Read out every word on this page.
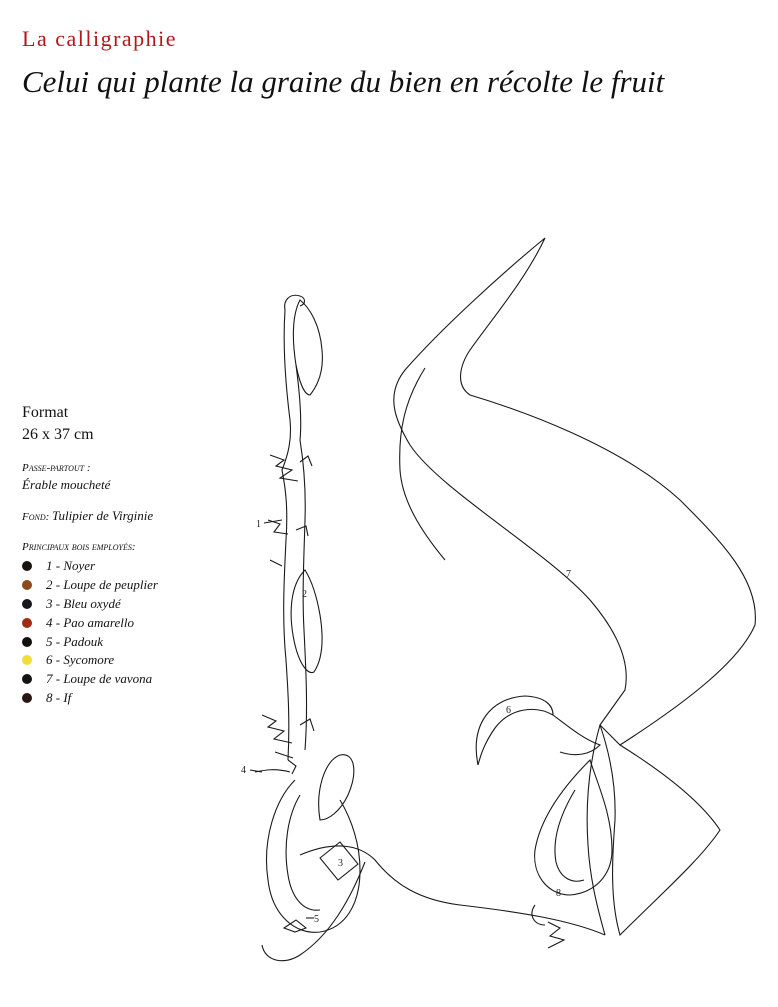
La calligraphie
Celui qui plante la graine du bien en récolte le fruit
Format
26 x 37 cm
Passe-partout :
Érable moucheté
Fond: Tulipier de Virginie
Principaux bois employés:
1 - Noyer
2 - Loupe de peuplier
3 - Bleu oxydé
4 - Pao amarello
5 - Padouk
6 - Sycomore
7 - Loupe de vavona
8 - If
1
2
3
4
5
6
7
8
